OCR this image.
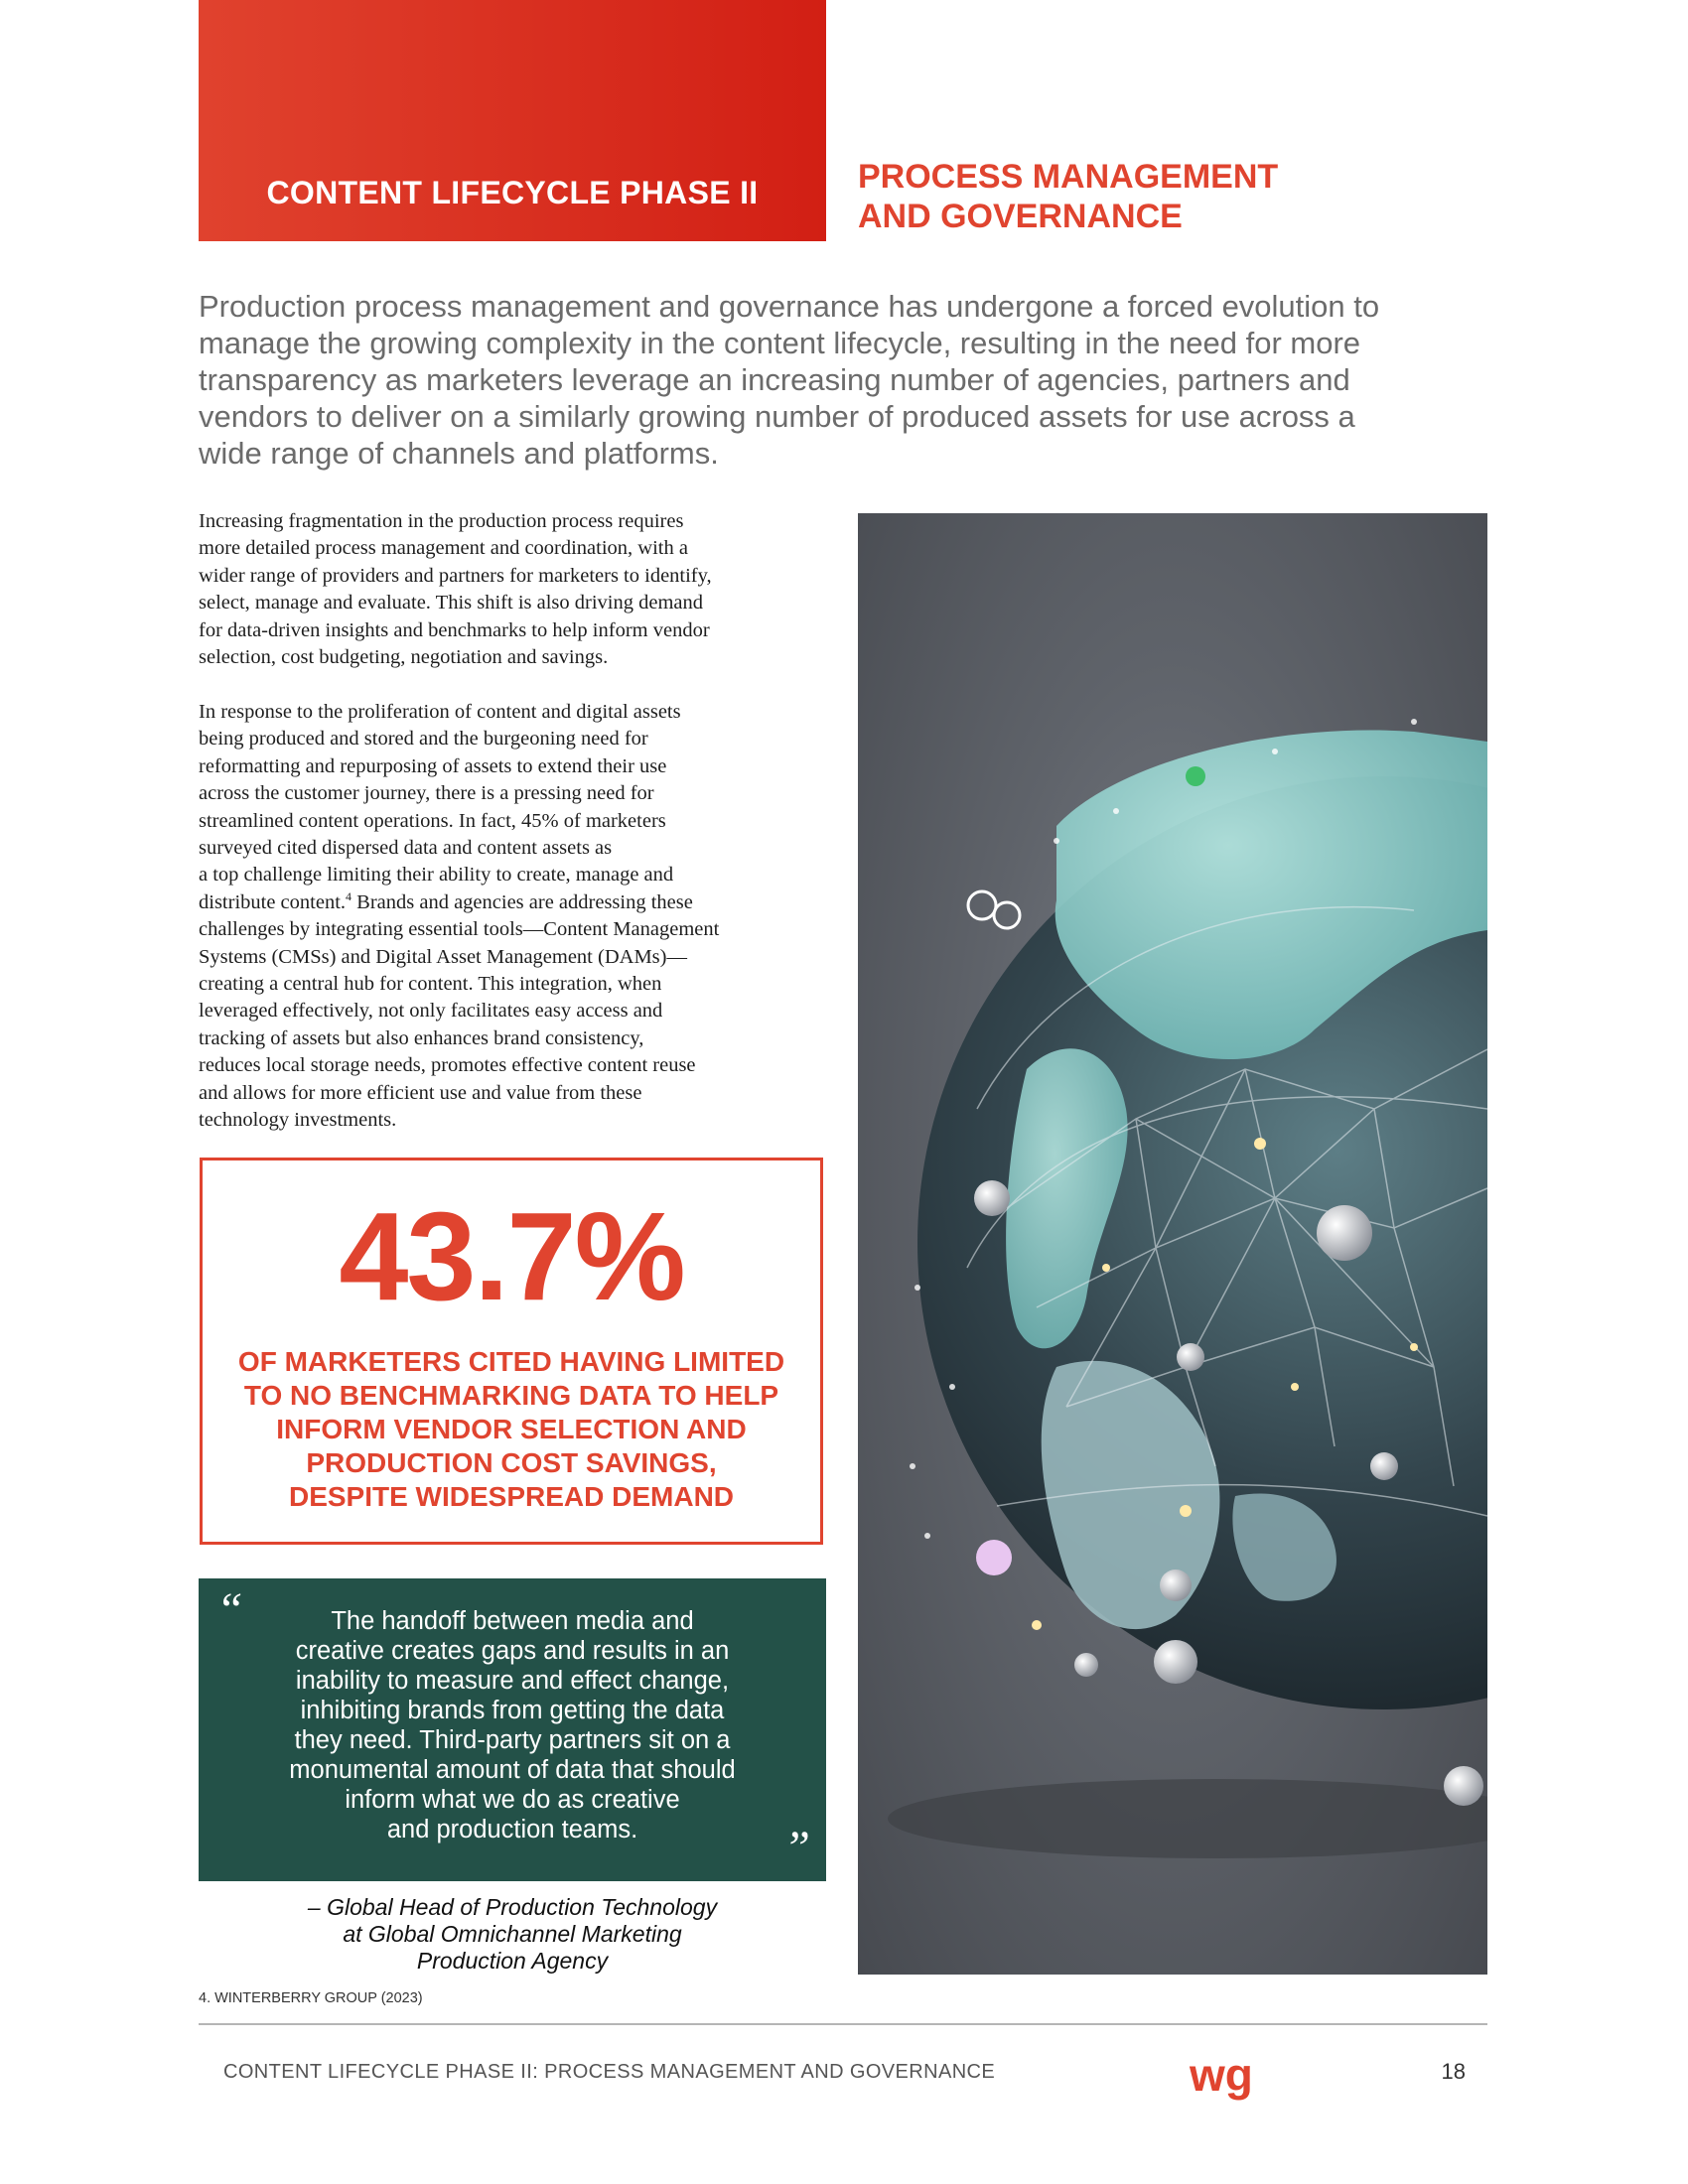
CONTENT LIFECYCLE PHASE II	PROCESS MANAGEMENT
AND GOVERNANCE
Production process management and governance has undergone a forced evolution to
manage the growing complexity in the content lifecycle, resulting in the need for more
transparency as marketers leverage an increasing number of agencies, partners and
vendors to deliver on a similarly growing number of produced assets for use across a
wide range of channels and platforms.
Increasing fragmentation in the production process requires
more detailed process management and coordination, with a
wider range of providers and partners for marketers to identify,
select, manage and evaluate. This shift is also driving demand
for data-driven insights and benchmarks to help inform vendor
selection, cost budgeting, negotiation and savings.
In response to the proliferation of content and digital assets
being produced and stored and the burgeoning need for
reformatting and repurposing of assets to extend their use
across the customer journey, there is a pressing need for
streamlined content operations. In fact, 45% of marketers
surveyed cited dispersed data and content assets as
a top challenge limiting their ability to create, manage and
distribute content.$^4$ Brands and agencies are addressing these
challenges by integrating essential tools—Content Management
Systems (CMSs) and Digital Asset Management (DAMs)—
creating a central hub for content. This integration, when
leveraged effectively, not only facilitates easy access and
tracking of assets but also enhances brand consistency,
reduces local storage needs, promotes effective content reuse
and allows for more efficient use and value from these
technology investments.
43.7%
OF MARKETERS CITED HAVING LIMITED
TO NO BENCHMARKING DATA TO HELP
INFORM VENDOR SELECTION AND
PRODUCTION COST SAVINGS,
DESPITE WIDESPREAD DEMAND
“	The handoff between media and
creative creates gaps and results in an
inability to measure and effect change,
inhibiting brands from getting the data
they need. Third-party partners sit on a
monumental amount of data that should
inform what we do as creative
and production teams.	”
– Global Head of Production Technology
at Global Omnichannel Marketing
Production Agency
4. WINTERBERRY GROUP (2023)
CONTENT LIFECYCLE PHASE II: PROCESS MANAGEMENT AND GOVERNANCE	wg	18
